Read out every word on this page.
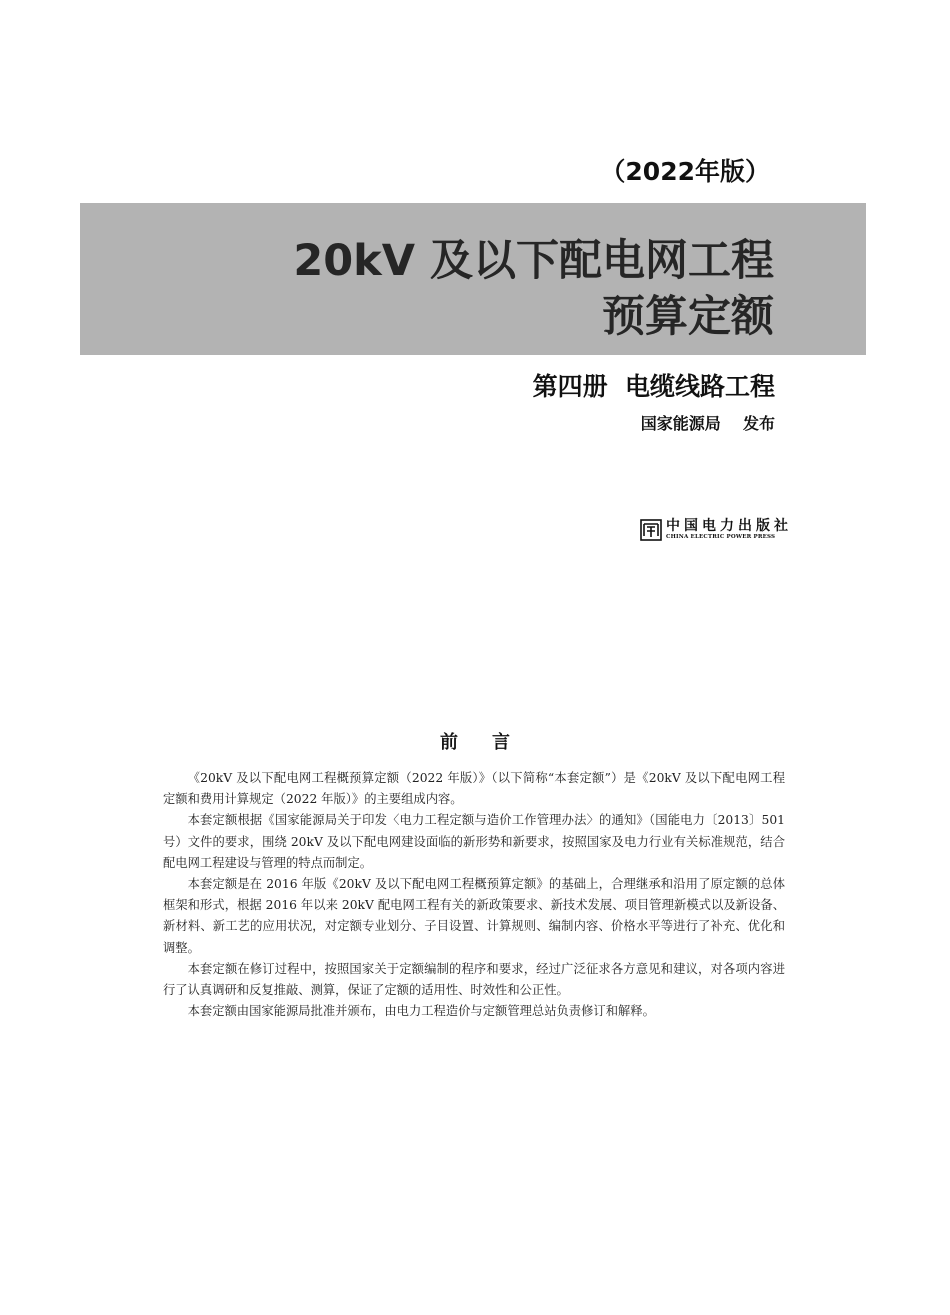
（2022年版）
20kV 及以下配电网工程
预算定额
第四册  电缆线路工程
国家能源局    发布
中国电力出版社
CHINA ELECTRIC POWER PRESS
前言

《20kV 及以下配电网工程概预算定额（2022 年版）》（以下简称“本套定额”）是《20kV 及以下配电网工程定额和费用计算规定（2022 年版）》的主要组成内容。

本套定额根据《国家能源局关于印发〈电力工程定额与造价工作管理办法〉的通知》（国能电力〔2013〕501 号）文件的要求，围绕 20kV 及以下配电网建设面临的新形势和新要求，按照国家及电力行业有关标准规范，结合配电网工程建设与管理的特点而制定。

本套定额是在 2016 年版《20kV 及以下配电网工程概预算定额》的基础上，合理继承和沿用了原定额的总体框架和形式，根据 2016 年以来 20kV 配电网工程有关的新政策要求、新技术发展、项目管理新模式以及新设备、新材料、新工艺的应用状况，对定额专业划分、子目设置、计算规则、编制内容、价格水平等进行了补充、优化和调整。

本套定额在修订过程中，按照国家关于定额编制的程序和要求，经过广泛征求各方意见和建议，对各项内容进行了认真调研和反复推敲、测算，保证了定额的适用性、时效性和公正性。

本套定额由国家能源局批准并颁布，由电力工程造价与定额管理总站负责修订和解释。
